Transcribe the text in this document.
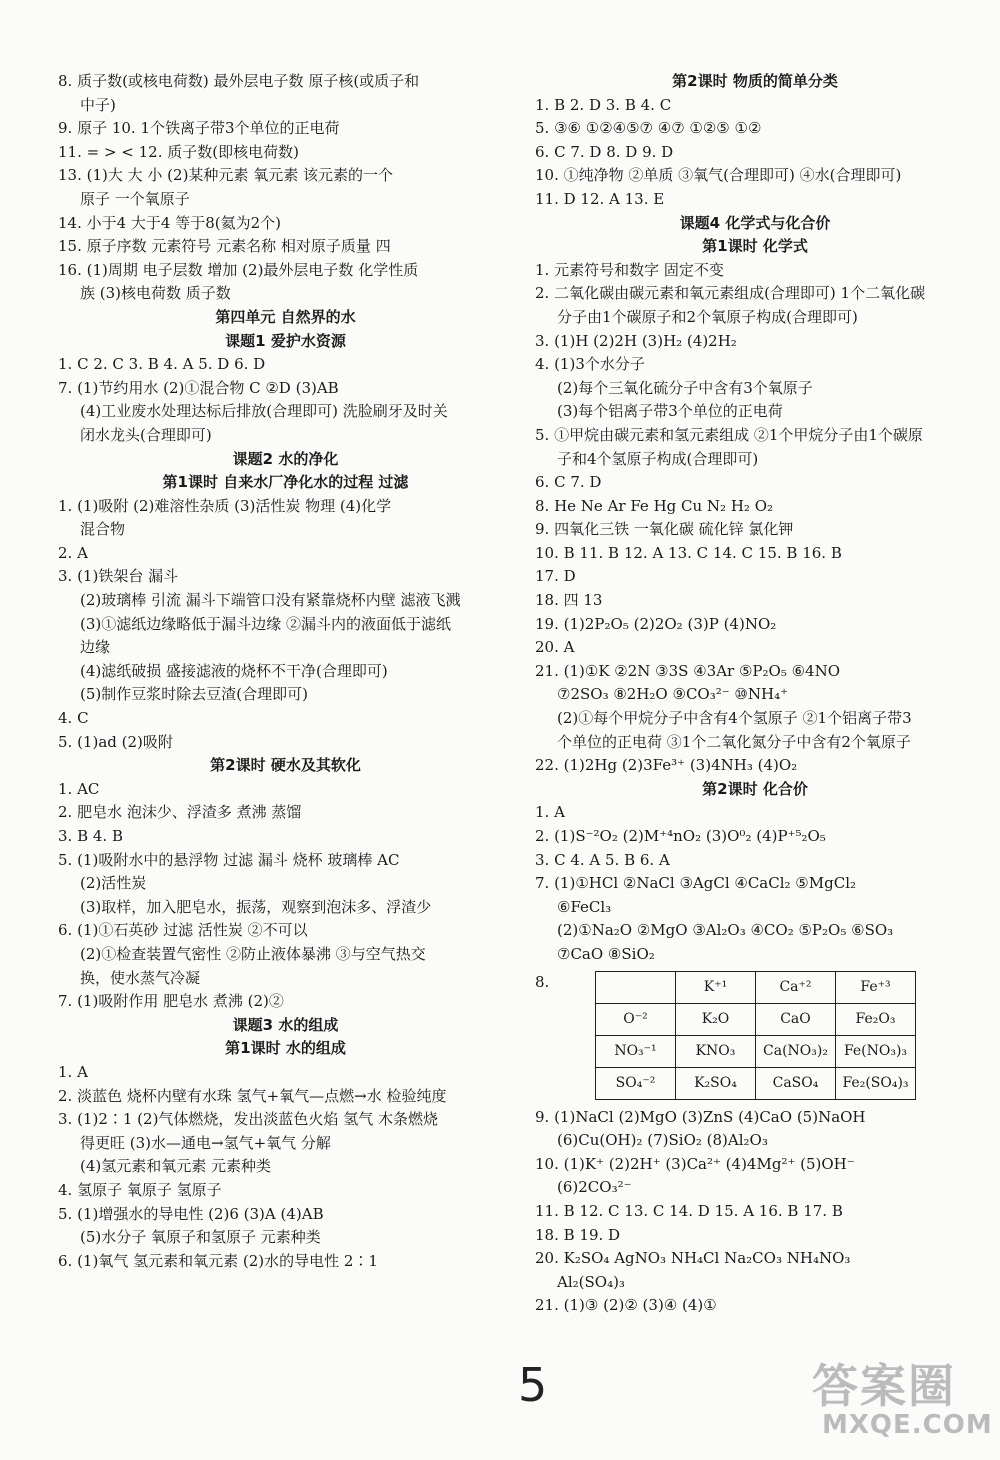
8. 质子数(或核电荷数) 最外层电子数 原子核(或质子和
中子)
9. 原子 10. 1个铁离子带3个单位的正电荷
11. = > < 12. 质子数(即核电荷数)
13. (1)大 大 小 (2)某种元素 氧元素 该元素的一个
原子 一个氧原子
14. 小于4 大于4 等于8(氦为2个)
15. 原子序数 元素符号 元素名称 相对原子质量 四
16. (1)周期 电子层数 增加 (2)最外层电子数 化学性质
族 (3)核电荷数 质子数
第四单元 自然界的水
课题1 爱护水资源
1. C 2. C 3. B 4. A 5. D 6. D
7. (1)节约用水 (2)①混合物 C ②D (3)AB
(4)工业废水处理达标后排放(合理即可) 洗脸刷牙及时关
闭水龙头(合理即可)
课题2 水的净化
第1课时 自来水厂净化水的过程 过滤
1. (1)吸附 (2)难溶性杂质 (3)活性炭 物理 (4)化学
混合物
2. A
3. (1)铁架台 漏斗
(2)玻璃棒 引流 漏斗下端管口没有紧靠烧杯内壁 滤液飞溅
(3)①滤纸边缘略低于漏斗边缘 ②漏斗内的液面低于滤纸
边缘
(4)滤纸破损 盛接滤液的烧杯不干净(合理即可)
(5)制作豆浆时除去豆渣(合理即可)
4. C
5. (1)ad (2)吸附
第2课时 硬水及其软化
1. AC
2. 肥皂水 泡沫少、浮渣多 煮沸 蒸馏
3. B 4. B
5. (1)吸附水中的悬浮物 过滤 漏斗 烧杯 玻璃棒 AC
(2)活性炭
(3)取样，加入肥皂水，振荡，观察到泡沫多、浮渣少
6. (1)①石英砂 过滤 活性炭 ②不可以
(2)①检查装置气密性 ②防止液体暴沸 ③与空气热交
换，使水蒸气冷凝
7. (1)吸附作用 肥皂水 煮沸 (2)②
课题3 水的组成
第1课时 水的组成
1. A
2. 淡蓝色 烧杯内壁有水珠 氢气+氧气—点燃→水 检验纯度
3. (1)2∶1 (2)气体燃烧，发出淡蓝色火焰 氢气 木条燃烧
得更旺 (3)水—通电→氢气+氧气 分解
(4)氢元素和氧元素 元素种类
4. 氢原子 氧原子 氢原子
5. (1)增强水的导电性 (2)6 (3)A (4)AB
(5)水分子 氧原子和氢原子 元素种类
6. (1)氧气 氢元素和氧元素 (2)水的导电性 2∶1
第2课时 物质的简单分类
1. B 2. D 3. B 4. C
5. ③⑥ ①②④⑤⑦ ④⑦ ①②⑤ ①②
6. C 7. D 8. D 9. D
10. ①纯净物 ②单质 ③氧气(合理即可) ④水(合理即可)
11. D 12. A 13. E
课题4 化学式与化合价
第1课时 化学式
1. 元素符号和数字 固定不变
2. 二氧化碳由碳元素和氧元素组成(合理即可) 1个二氧化碳
分子由1个碳原子和2个氧原子构成(合理即可)
3. (1)H (2)2H (3)H₂ (4)2H₂
4. (1)3个水分子
(2)每个三氧化硫分子中含有3个氧原子
(3)每个铝离子带3个单位的正电荷
5. ①甲烷由碳元素和氢元素组成 ②1个甲烷分子由1个碳原
子和4个氢原子构成(合理即可)
6. C 7. D
8. He Ne Ar Fe Hg Cu N₂ H₂ O₂
9. 四氧化三铁 一氧化碳 硫化锌 氯化钾
10. B 11. B 12. A 13. C 14. C 15. B 16. B
17. D
18. 四 13
19. (1)2P₂O₅ (2)2O₂ (3)P (4)NO₂
20. A
21. (1)①K ②2N ③3S ④3Ar ⑤P₂O₅ ⑥4NO
⑦2SO₃ ⑧2H₂O ⑨CO₃²⁻ ⑩NH₄⁺
(2)①每个甲烷分子中含有4个氢原子 ②1个铝离子带3
个单位的正电荷 ③1个二氧化氮分子中含有2个氧原子
22. (1)2Hg (2)3Fe³⁺ (3)4NH₃ (4)O₂
第2课时 化合价
1. A
2. (1)S⁻²O₂ (2)M⁺⁴nO₂ (3)O⁰₂ (4)P⁺⁵₂O₅
3. C 4. A 5. B 6. A
7. (1)①HCl ②NaCl ③AgCl ④CaCl₂ ⑤MgCl₂
⑥FeCl₃
(2)①Na₂O ②MgO ③Al₂O₃ ④CO₂ ⑤P₂O₅ ⑥SO₃
⑦CaO ⑧SiO₂
8.
		K⁺¹	Ca⁺²	Fe⁺³
O⁻²	K₂O	CaO	Fe₂O₃
NO₃⁻¹	KNO₃	Ca(NO₃)₂	Fe(NO₃)₃
SO₄⁻²	K₂SO₄	CaSO₄	Fe₂(SO₄)₃
9. (1)NaCl (2)MgO (3)ZnS (4)CaO (5)NaOH
(6)Cu(OH)₂ (7)SiO₂ (8)Al₂O₃
10. (1)K⁺ (2)2H⁺ (3)Ca²⁺ (4)4Mg²⁺ (5)OH⁻
(6)2CO₃²⁻
11. B 12. C 13. C 14. D 15. A 16. B 17. B
18. B 19. D
20. K₂SO₄ AgNO₃ NH₄Cl Na₂CO₃ NH₄NO₃
Al₂(SO₄)₃
21. (1)③ (2)② (3)④ (4)①
5	答案圈
MXQE.COM
